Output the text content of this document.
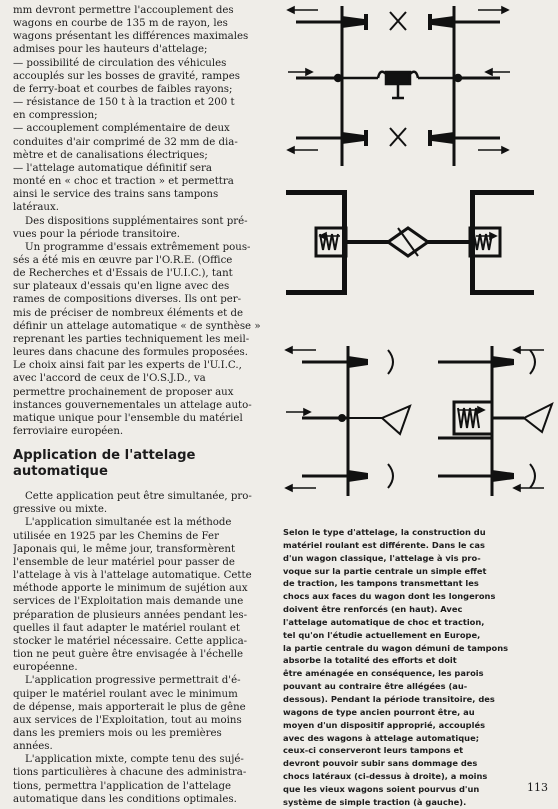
mm devront permettre l'accouplement des
wagons en courbe de 135 m de rayon, les
wagons présentant les différences maximales
admises pour les hauteurs d'attelage;
— possibilité de circulation des véhicules
accouplés sur les bosses de gravité, rampes
de ferry-boat et courbes de faibles rayons;
— résistance de 150 t à la traction et 200 t
en compression;
— accouplement complémentaire de deux
conduites d'air comprimé de 32 mm de dia-
mètre et de canalisations électriques;
— l'attelage automatique définitif sera
monté en « choc et traction » et permettra
ainsi le service des trains sans tampons
latéraux.
Des dispositions supplémentaires sont pré-
vues pour la période transitoire.
Un programme d'essais extrêmement pous-
sés a été mis en œuvre par l'O.R.E. (Office
de Recherches et d'Essais de l'U.I.C.), tant
sur plateaux d'essais qu'en ligne avec des
rames de compositions diverses. Ils ont per-
mis de préciser de nombreux éléments et de
définir un attelage automatique « de synthèse »
reprenant les parties techniquement les meil-
leures dans chacune des formules proposées.
Le choix ainsi fait par les experts de l'U.I.C.,
avec l'accord de ceux de l'O.S.J.D., va
permettre prochainement de proposer aux
instances gouvernementales un attelage auto-
matique unique pour l'ensemble du matériel
ferroviaire européen.
Application de l'attelage
automatique
Cette application peut être simultanée, pro-
gressive ou mixte.
L'application simultanée est la méthode
utilisée en 1925 par les Chemins de Fer
Japonais qui, le même jour, transformèrent
l'ensemble de leur matériel pour passer de
l'attelage à vis à l'attelage automatique. Cette
méthode apporte le minimum de sujétion aux
services de l'Exploitation mais demande une
préparation de plusieurs années pendant les-
quelles il faut adapter le matériel roulant et
stocker le matériel nécessaire. Cette applica-
tion ne peut guère être envisagée à l'échelle
européenne.
L'application progressive permettrait d'é-
quiper le matériel roulant avec le minimum
de dépense, mais apporterait le plus de gêne
aux services de l'Exploitation, tout au moins
dans les premiers mois ou les premières
années.
L'application mixte, compte tenu des sujé-
tions particulières à chacune des administra-
tions, permettra l'application de l'attelage
automatique dans les conditions optimales.
Selon le type d'attelage, la construction du
matériel roulant est différente. Dans le cas
d'un wagon classique, l'attelage à vis pro-
voque sur la partie centrale un simple effet
de traction, les tampons transmettant les
chocs aux faces du wagon dont les longerons
doivent être renforcés (en haut). Avec
l'attelage automatique de choc et traction,
tel qu'on l'étudie actuellement en Europe,
la partie centrale du wagon démuni de tampons
absorbe la totalité des efforts et doit
être aménagée en conséquence, les parois
pouvant au contraire être allégées (au-
dessous). Pendant la période transitoire, des
wagons de type ancien pourront être, au
moyen d'un dispositif approprié, accouplés
avec des wagons à attelage automatique;
ceux-ci conserveront leurs tampons et
devront pouvoir subir sans dommage des
chocs latéraux (ci-dessus à droite), a moins
que les vieux wagons soient pourvus d'un
système de simple traction (à gauche).
113
